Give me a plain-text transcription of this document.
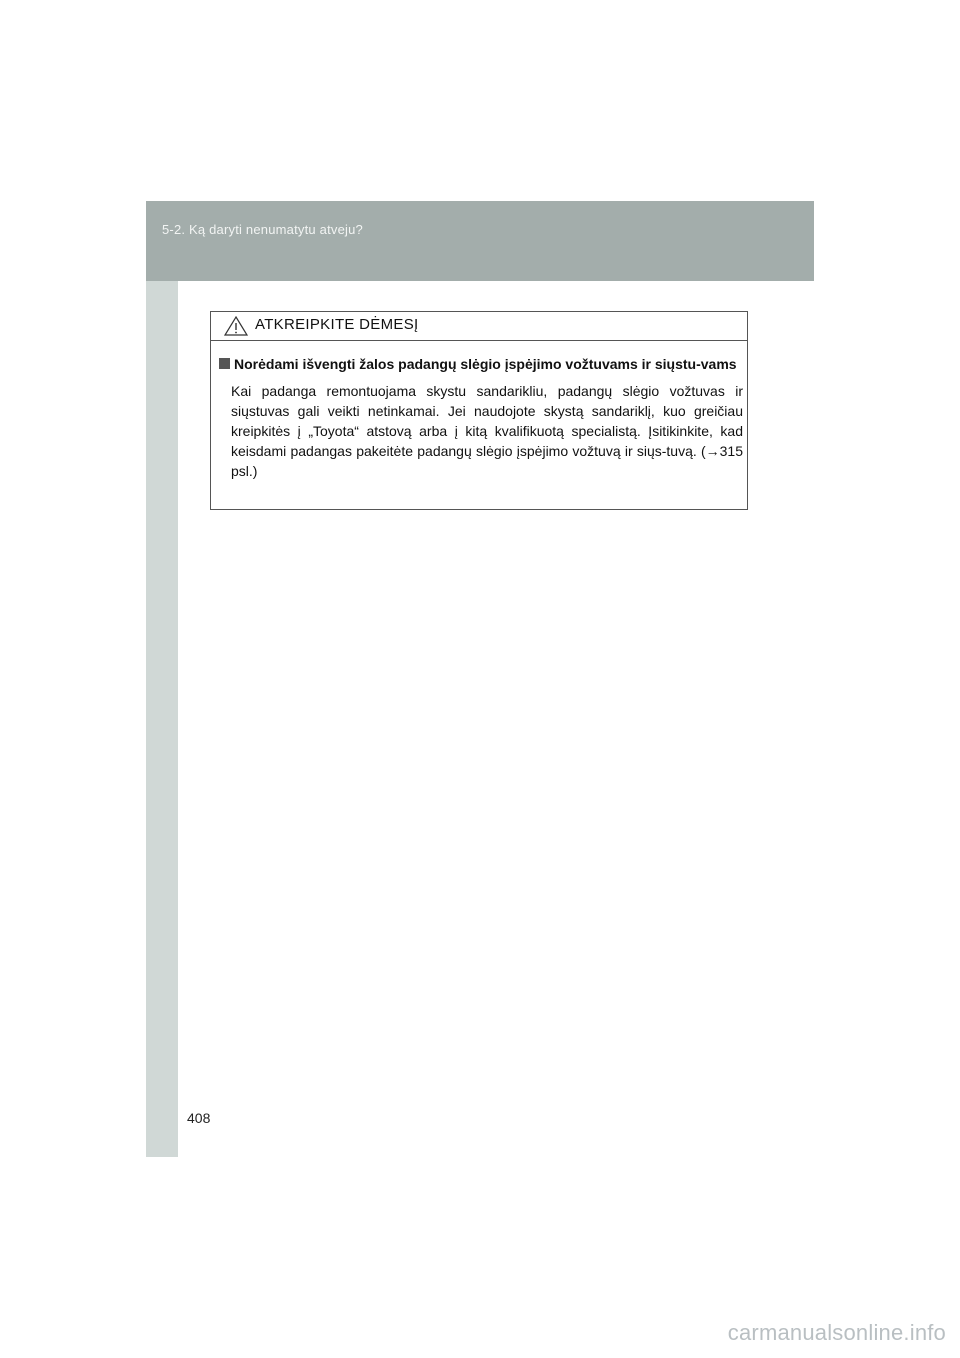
5-2. Ką daryti nenumatytu atveju?
ATKREIPKITE DĖMESĮ

Norėdami išvengti žalos padangų slėgio įspėjimo vožtuvams ir siųstu-vams

Kai padanga remontuojama skystu sandarikliu, padangų slėgio vožtuvas ir siųstuvas gali veikti netinkamai. Jei naudojote skystą sandariklį, kuo greičiau kreipkitės į „Toyota“ atstovą arba į kitą kvalifikuotą specialistą. Įsitikinkite, kad keisdami padangas pakeitėte padangų slėgio įspėjimo vožtuvą ir siųs-tuvą. (→315 psl.)

408
carmanualsonline.info
